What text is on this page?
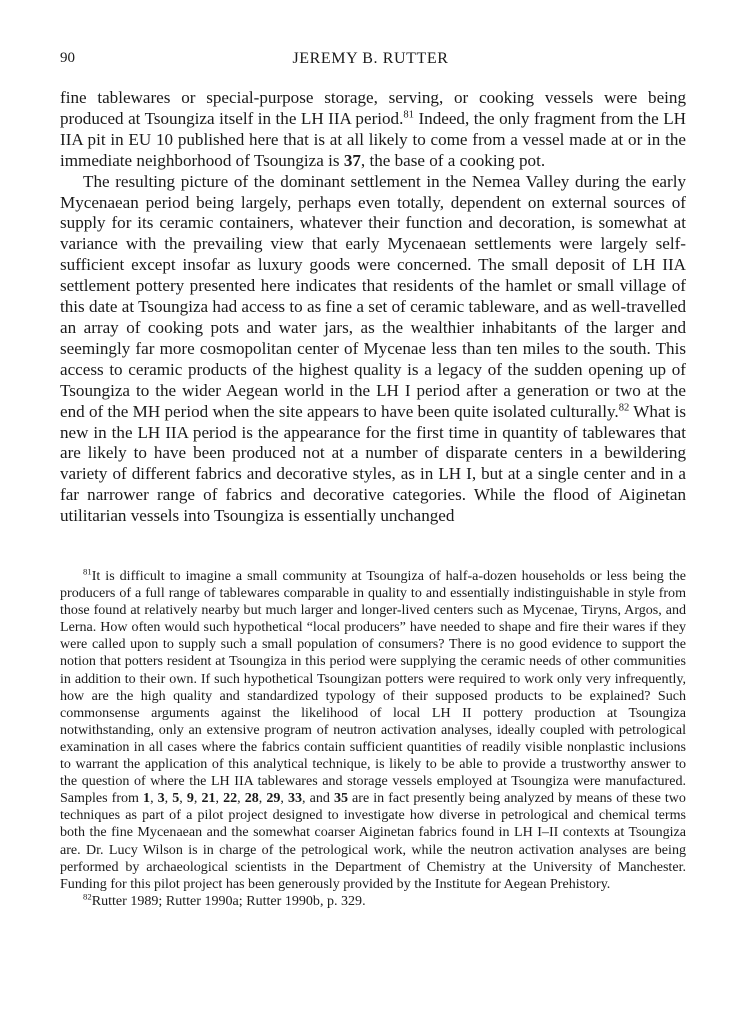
90	JEREMY B. RUTTER

fine tablewares or special-purpose storage, serving, or cooking vessels were being produced at Tsoungiza itself in the LH IIA period.$^{81}$ Indeed, the only fragment from the LH IIA pit in EU 10 published here that is at all likely to come from a vessel made at or in the immediate neighborhood of Tsoungiza is 37, the base of a cooking pot.

The resulting picture of the dominant settlement in the Nemea Valley during the early Mycenaean period being largely, perhaps even totally, dependent on external sources of supply for its ceramic containers, whatever their function and decoration, is somewhat at variance with the prevailing view that early Mycenaean settlements were largely self-sufficient except insofar as luxury goods were concerned. The small deposit of LH IIA settlement pottery presented here indicates that residents of the hamlet or small village of this date at Tsoungiza had access to as fine a set of ceramic tableware, and as well-travelled an array of cooking pots and water jars, as the wealthier inhabitants of the larger and seemingly far more cosmopolitan center of Mycenae less than ten miles to the south. This access to ceramic products of the highest quality is a legacy of the sudden opening up of Tsoungiza to the wider Aegean world in the LH I period after a generation or two at the end of the MH period when the site appears to have been quite isolated culturally.$^{82}$ What is new in the LH IIA period is the appearance for the first time in quantity of tablewares that are likely to have been produced not at a number of disparate centers in a bewildering variety of different fabrics and decorative styles, as in LH I, but at a single center and in a far narrower range of fabrics and decorative categories. While the flood of Aiginetan utilitarian vessels into Tsoungiza is essentially unchanged

$^{81}$It is difficult to imagine a small community at Tsoungiza of half-a-dozen households or less being the producers of a full range of tablewares comparable in quality to and essentially indistinguishable in style from those found at relatively nearby but much larger and longer-lived centers such as Mycenae, Tiryns, Argos, and Lerna. How often would such hypothetical “local producers” have needed to shape and fire their wares if they were called upon to supply such a small population of consumers? There is no good evidence to support the notion that potters resident at Tsoungiza in this period were supplying the ceramic needs of other communities in addition to their own. If such hypothetical Tsoungizan potters were required to work only very infrequently, how are the high quality and standardized typology of their supposed products to be explained? Such commonsense arguments against the likelihood of local LH II pottery production at Tsoungiza notwithstanding, only an extensive program of neutron activation analyses, ideally coupled with petrological examination in all cases where the fabrics contain sufficient quantities of readily visible nonplastic inclusions to warrant the application of this analytical technique, is likely to be able to provide a trustworthy answer to the question of where the LH IIA tablewares and storage vessels employed at Tsoungiza were manufactured. Samples from 1, 3, 5, 9, 21, 22, 28, 29, 33, and 35 are in fact presently being analyzed by means of these two techniques as part of a pilot project designed to investigate how diverse in petrological and chemical terms both the fine Mycenaean and the somewhat coarser Aiginetan fabrics found in LH I–II contexts at Tsoungiza are. Dr. Lucy Wilson is in charge of the petrological work, while the neutron activation analyses are being performed by archaeological scientists in the Department of Chemistry at the University of Manchester. Funding for this pilot project has been generously provided by the Institute for Aegean Prehistory.

$^{82}$Rutter 1989; Rutter 1990a; Rutter 1990b, p. 329.
